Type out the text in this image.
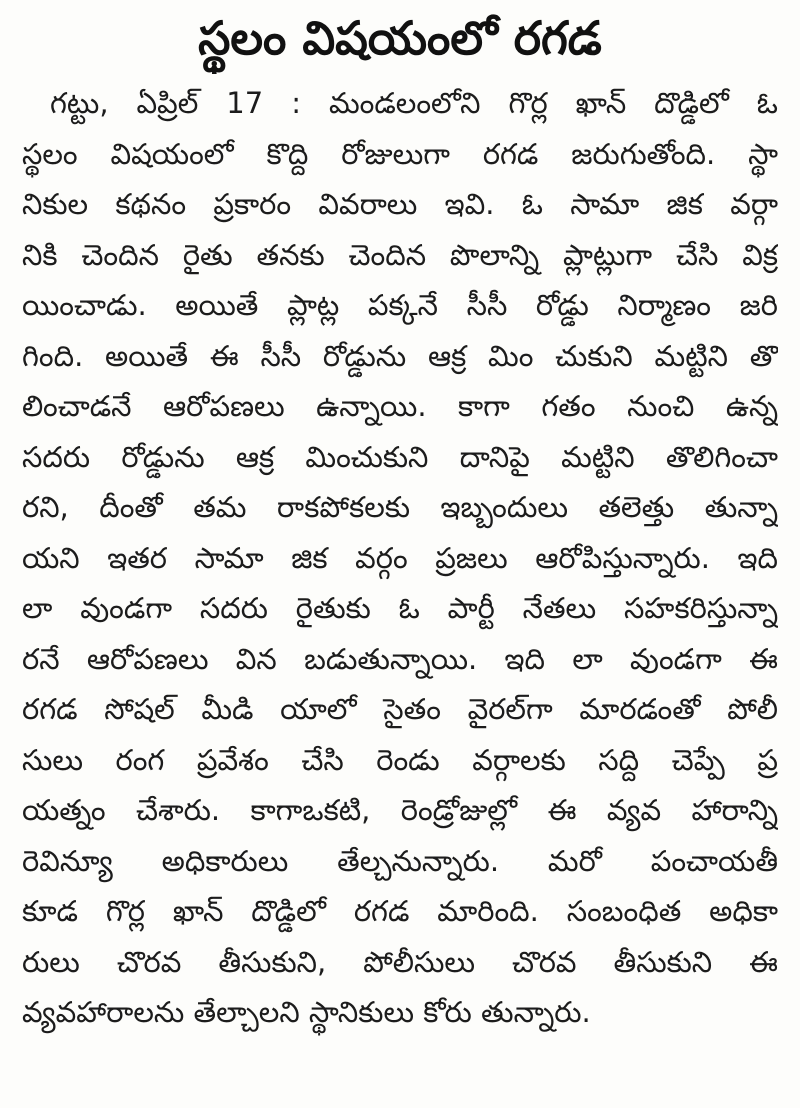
స్థలం విషయంలో రగడ
గట్టు, ఏప్రిల్ 17 : మండలంలోని గొర్ల ఖాన్ దొడ్డిలో ఓ
స్థలం విషయంలో కొద్ది రోజులుగా రగడ జరుగుతోంది. స్థా
నికుల కథనం ప్రకారం వివరాలు ఇవి. ఓ సామా జిక వర్గా
నికి చెందిన రైతు తనకు చెందిన పొలాన్ని ప్లాట్లుగా చేసి విక్ర
యించాడు. అయితే ప్లాట్ల పక్కనే సీసీ రోడ్డు నిర్మాణం జరి
గింది. అయితే ఈ సీసీ రోడ్డును ఆక్ర మిం చుకుని మట్టిని తొ
లించాడనే ఆరోపణలు ఉన్నాయి. కాగా గతం నుంచి ఉన్న
సదరు రోడ్డును ఆక్ర మించుకుని దానిపై మట్టిని తొలిగించా
రని, దీంతో తమ రాకపోకలకు ఇబ్బందులు తలెత్తు తున్నా
యని ఇతర సామా జిక వర్గం ప్రజలు ఆరోపిస్తున్నారు. ఇది
లా వుండగా సదరు రైతుకు ఓ పార్టీ నేతలు సహకరిస్తున్నా
రనే ఆరోపణలు విన బడుతున్నాయి. ఇది లా వుండగా ఈ
రగడ సోషల్ మీడి యాలో సైతం వైరల్‌గా మారడంతో పోలీ
సులు రంగ ప్రవేశం చేసి రెండు వర్గాలకు సద్ది చెప్పే ప్ర
యత్నం చేశారు. కాగాఒకటి, రెండ్రోజుల్లో ఈ వ్యవ హారాన్ని
రెవిన్యూ అధికారులు తేల్చనున్నారు. మరో పంచాయతీ
కూడ గొర్ల ఖాన్ దొడ్డిలో రగడ మారింది. సంబంధిత అధికా
రులు చొరవ తీసుకుని, పోలీసులు చొరవ తీసుకుని ఈ
వ్యవహారాలను తేల్చాలని స్థానికులు కోరు తున్నారు.
